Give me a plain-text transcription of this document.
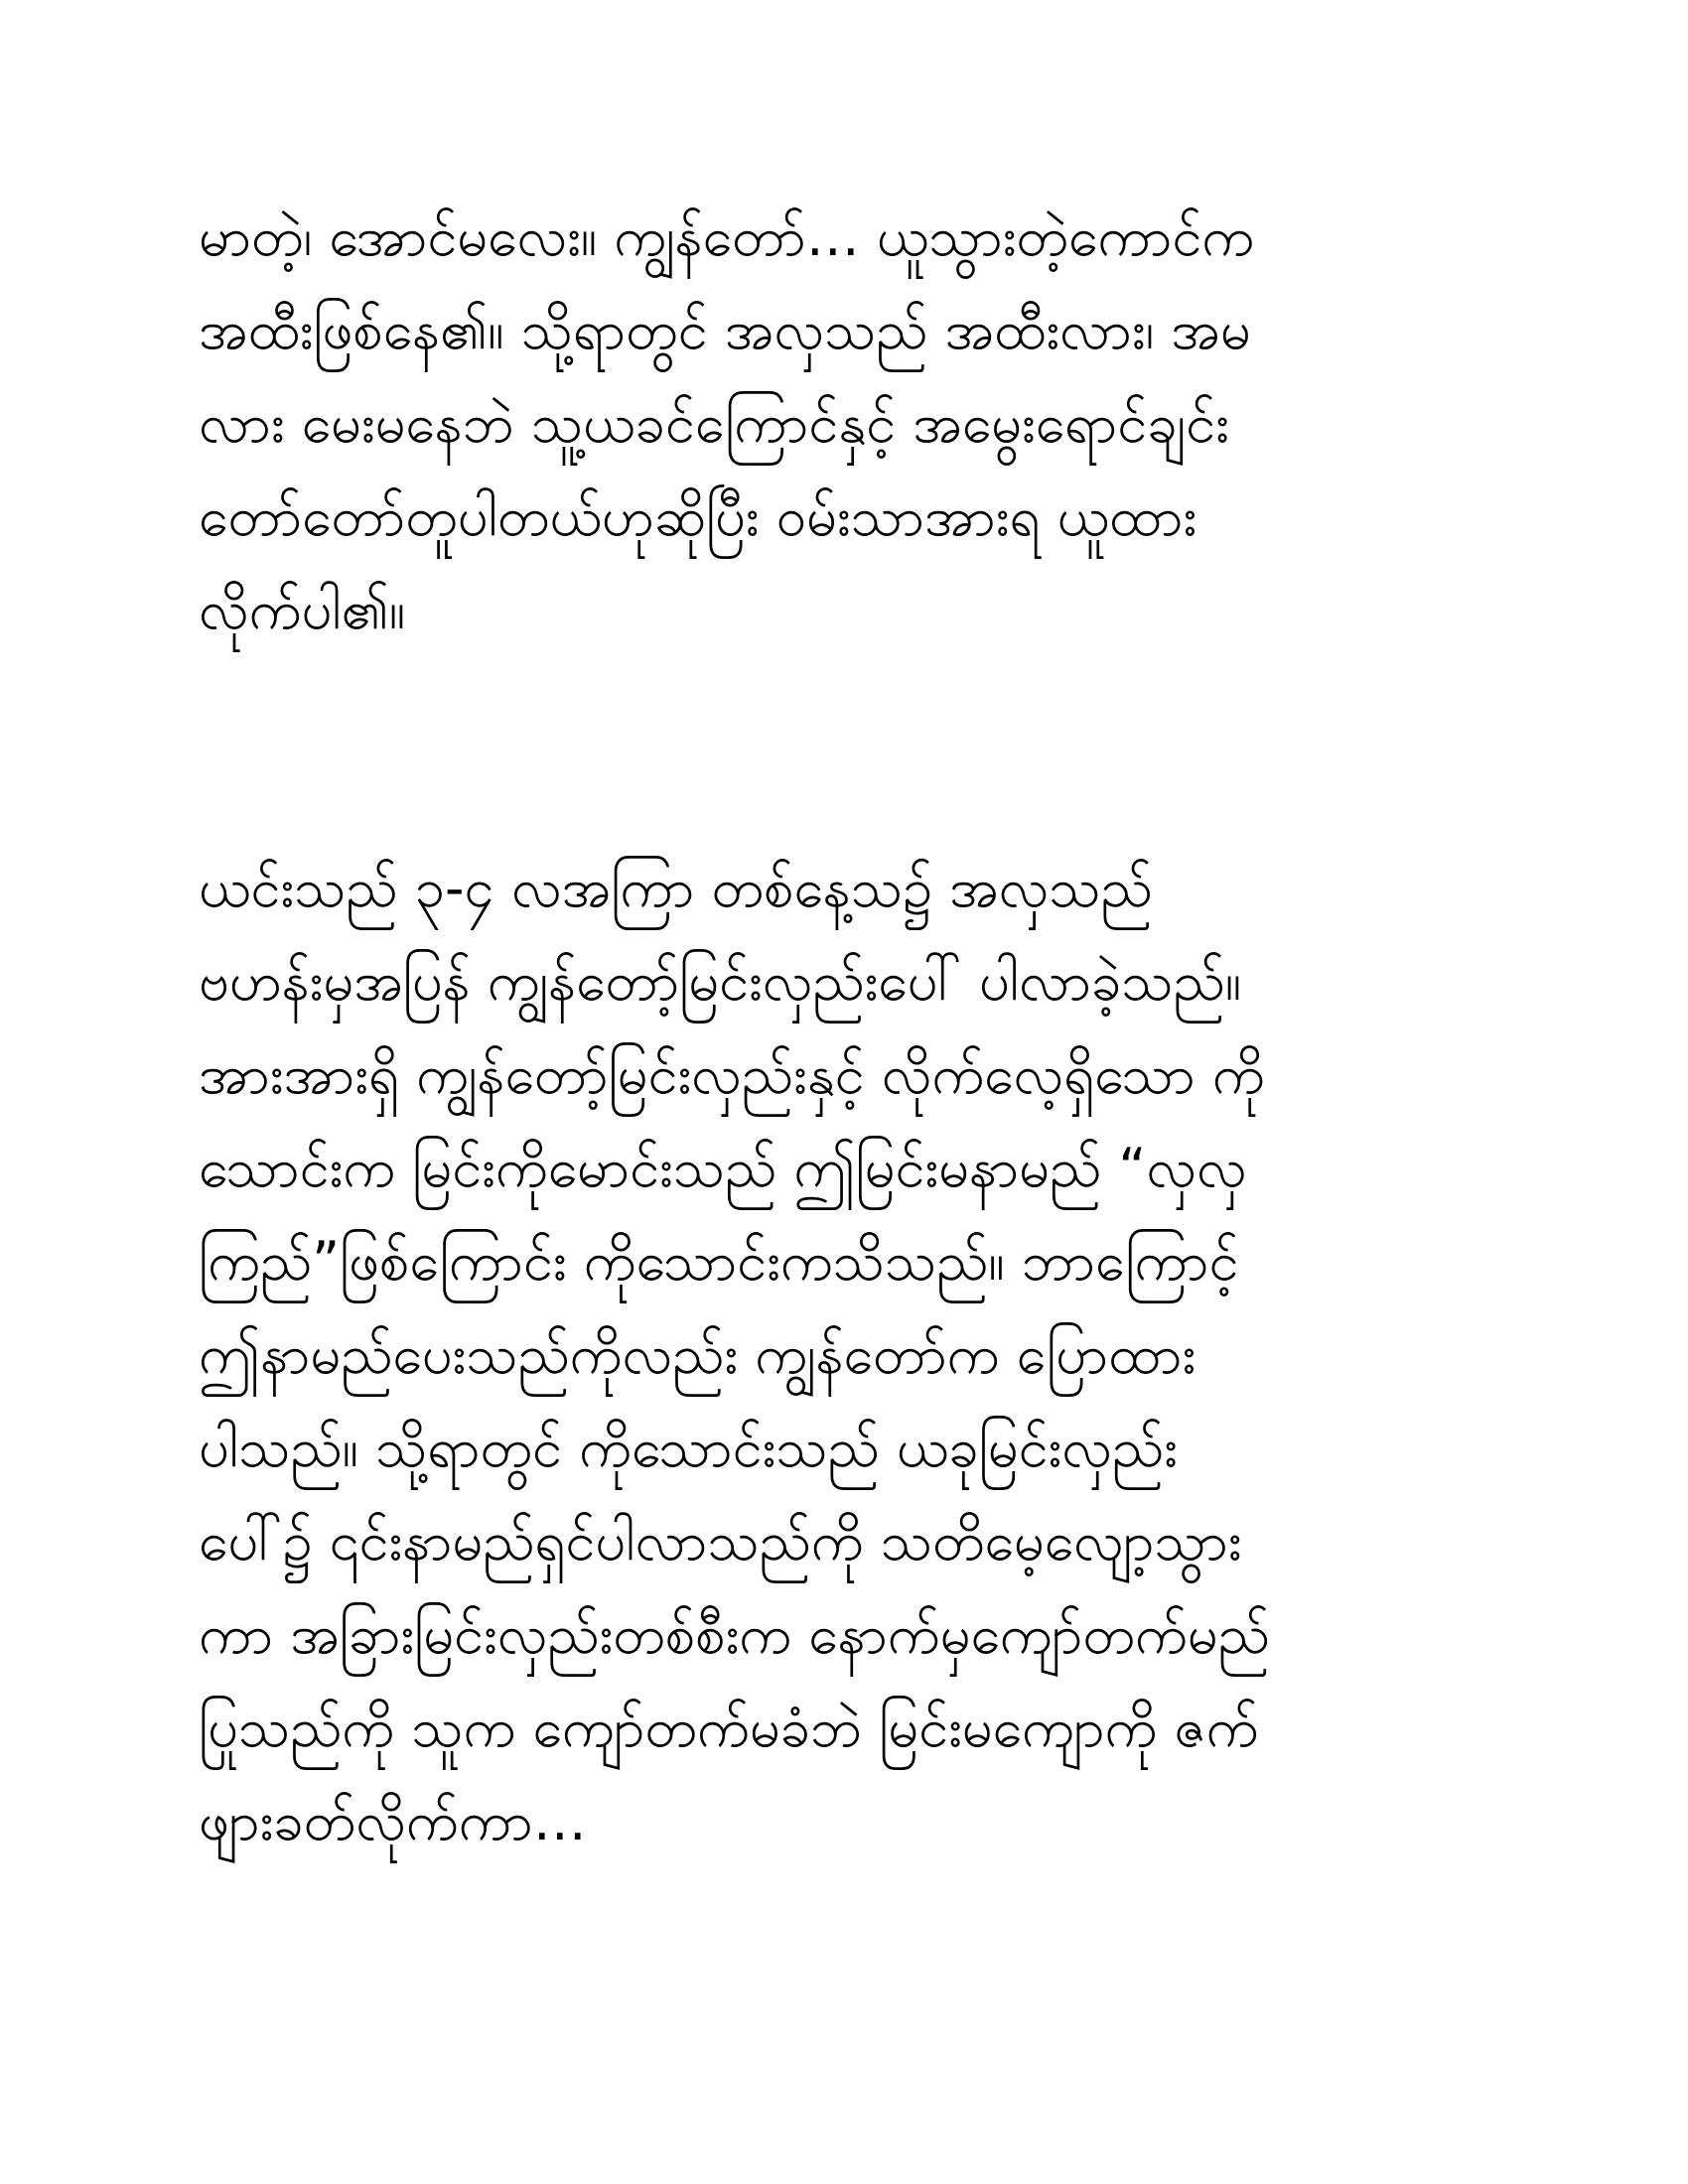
မာတဲ့၊ အောင်မလေး။ ကျွန်တော်… ယူသွားတဲ့ကောင်က
အထီးဖြစ်နေ၏။ သို့ရာတွင် အလှသည် အထီးလား၊ အမ
လား မေးမနေဘဲ သူ့ယခင်ကြောင်နှင့် အမွေးရောင်ချင်း
တော်တော်တူပါတယ်ဟုဆိုပြီး ဝမ်းသာအားရ ယူထား
လိုက်ပါ၏။
ယင်းသည် ၃-၄ လအကြာ တစ်နေ့သ၌ အလှသည်
ဗဟန်းမှအပြန် ကျွန်တော့်မြင်းလှည်းပေါ် ပါလာခဲ့သည်။
အားအားရှိ ကျွန်တော့်မြင်းလှည်းနှင့် လိုက်လေ့ရှိသော ကို
သောင်းက မြင်းကိုမောင်းသည် ဤမြင်းမနာမည် “လှလှ
ကြည်”ဖြစ်ကြောင်း ကိုသောင်းကသိသည်။ ဘာကြောင့်
ဤနာမည်ပေးသည်ကိုလည်း ကျွန်တော်က ပြောထား
ပါသည်။ သို့ရာတွင် ကိုသောင်းသည် ယခုမြင်းလှည်း
ပေါ်၌ ၎င်းနာမည်ရှင်ပါလာသည်ကို သတိမေ့လျော့သွား
ကာ အခြားမြင်းလှည်းတစ်စီးက နောက်မှကျော်တက်မည်
ပြုသည်ကို သူက ကျော်တက်မခံဘဲ မြင်းမကျောကို ဇက်
ဖျားခတ်လိုက်ကာ…
